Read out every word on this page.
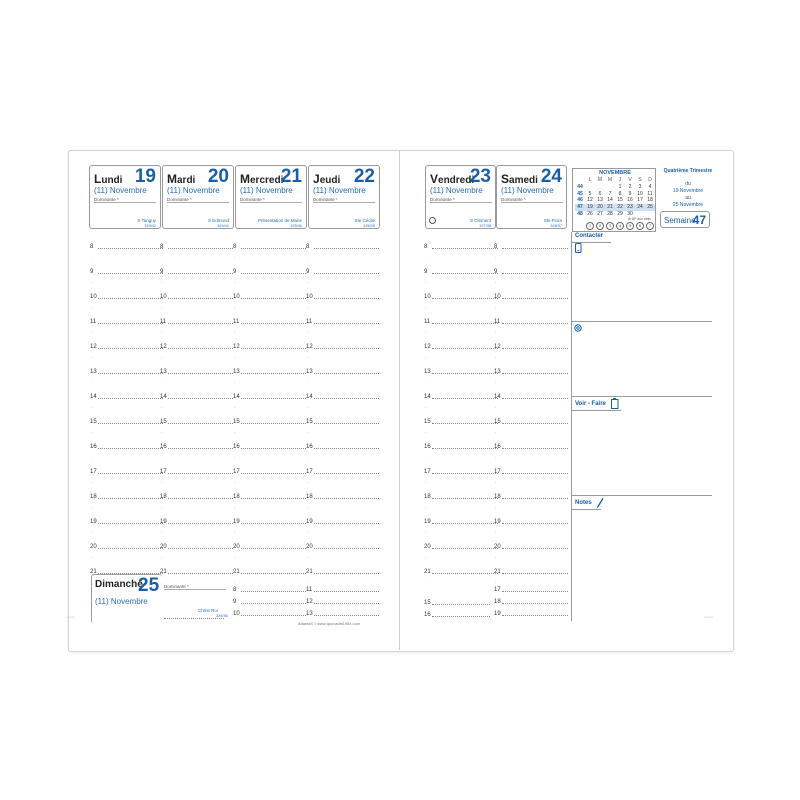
Lundi 19
(11) Novembre
Dominante *
S Tanguy
323/42
Mardi 20
(11) Novembre
Dominante *
S Edmond
324/41
Mercredi
21
(11) Novembre
Dominante *
Présentation de Marie
325/40
Jeudi 22
(11) Novembre
Dominante *
Ste Cécile
326/39
8
·
8
·
8
·
8
·
9
·
9
·
9
·
9
·
10
·
10
·
10
·
10
·
11
·
11
·
11
·
11
·
12
·
12
·
12
·
12
·
13
·
13
·
13
·
13
·
14
·
14
·
14
·
14
·
15
·
15
·
15
·
15
·
16
·
16
·
16
·
16
·
17
·
17
·
17
·
17
·
18
·
18
·
18
·
18
·
19
·
19
·
19
·
19
·
20
·
20
·
20
·
20
·
21
·
21
·
21
·
21
·
Dimanche
25
(11) Novembre
Dominante *
Christ Roi
329/36
8
9
10
11
12
13
Atlanta© • www.quovadis1954.com
Vendredi
23
(11) Novembre
Dominante *
S Clément
327/38
Samedi 24
(11) Novembre
Dominante *
Ste Flora
328/37
8
·
8
·
9
·
9
·
10
·
10
·
11
·
11
·
12
·
12
·
13
·
13
·
14
·
14
·
15
·
15
·
16
·
16
·
17
·
17
·
18
·
18
·
19
·
19
·
20
·
20
·
21
·
21
·
15
16
17
18
19
NOVEMBRE
	L	M	M	J	V	S	D
44				1	2	3	4
45	5	6	7	8	9	10	11
46	12	13	14	15	16	17	18
47	19	20	21	22	23	24	25
48	26	27	28	29	30		
⊕ AP aux cells
1	2	3	4	5	6	7
Quatrième Trimestre
du
19 Novembre
au
25 Novembre
Semaine
47
Contacter
Voir - Faire
Notes
∙∙∙∙∙∙∙∙∙	∙∙∙∙∙∙∙∙∙
